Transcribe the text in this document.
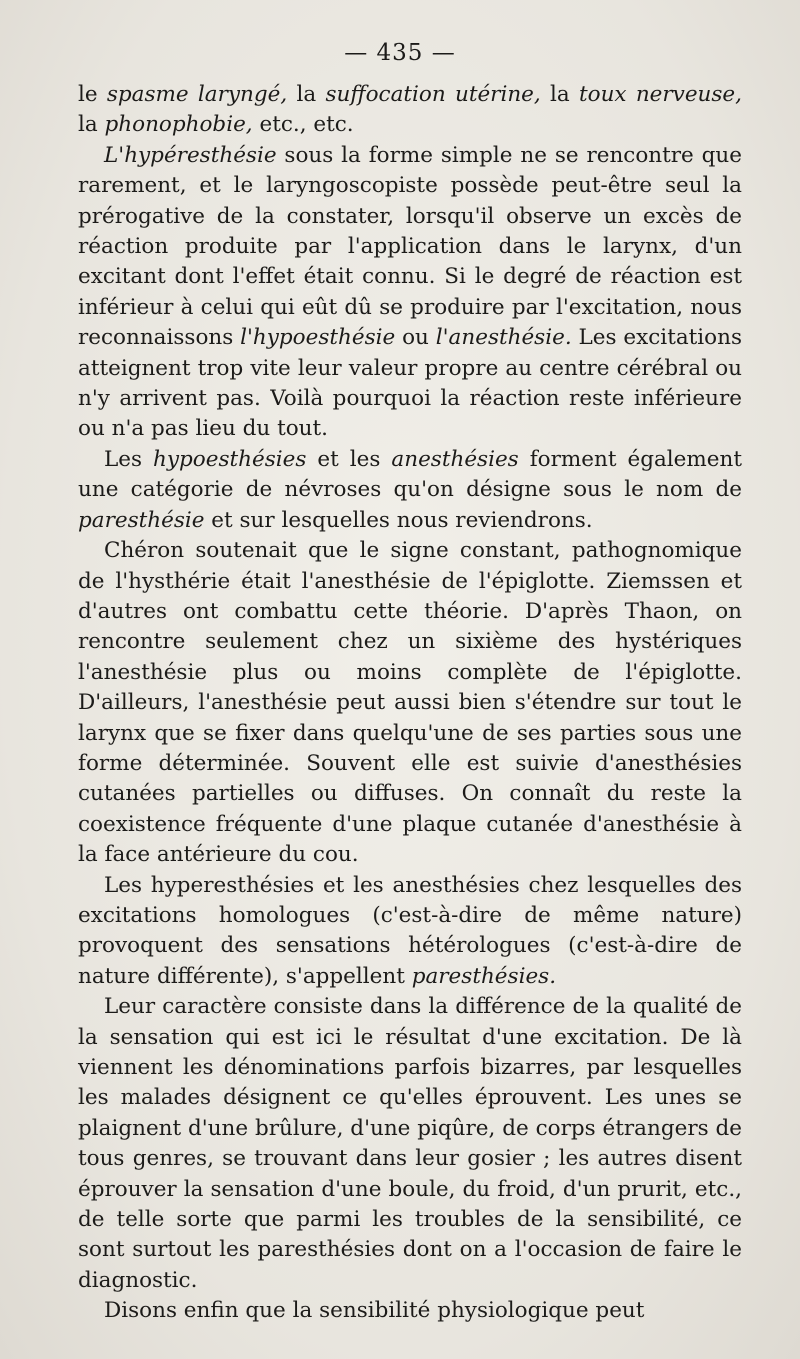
— 435 —

le spasme laryngé, la suffocation utérine, la toux nerveuse, la phonophobie, etc., etc.

L'hypéresthésie sous la forme simple ne se rencontre que rarement, et le laryngoscopiste possède peut-être seul la prérogative de la constater, lorsqu'il observe un excès de réaction produite par l'application dans le larynx, d'un excitant dont l'effet était connu. Si le degré de réaction est inférieur à celui qui eût dû se produire par l'excitation, nous reconnaissons l'hypoesthésie ou l'anesthésie. Les excitations atteignent trop vite leur valeur propre au centre cérébral ou n'y arrivent pas. Voilà pourquoi la réaction reste inférieure ou n'a pas lieu du tout.

Les hypoesthésies et les anesthésies forment également une catégorie de névroses qu'on désigne sous le nom de paresthésie et sur lesquelles nous reviendrons.

Chéron soutenait que le signe constant, pathognomique de l'hysthérie était l'anesthésie de l'épiglotte. Ziemssen et d'autres ont combattu cette théorie. D'après Thaon, on rencontre seulement chez un sixième des hystériques l'anesthésie plus ou moins complète de l'épiglotte. D'ailleurs, l'anesthésie peut aussi bien s'étendre sur tout le larynx que se fixer dans quelqu'une de ses parties sous une forme déterminée. Souvent elle est suivie d'anesthésies cutanées partielles ou diffuses. On connaît du reste la coexistence fréquente d'une plaque cutanée d'anesthésie à la face antérieure du cou.

Les hyperesthésies et les anesthésies chez lesquelles des excitations homologues (c'est-à-dire de même nature) provoquent des sensations hétérologues (c'est-à-dire de nature différente), s'appellent paresthésies.

Leur caractère consiste dans la différence de la qualité de la sensation qui est ici le résultat d'une excitation. De là viennent les dénominations parfois bizarres, par lesquelles les malades désignent ce qu'elles éprouvent. Les unes se plaignent d'une brûlure, d'une piqûre, de corps étrangers de tous genres, se trouvant dans leur gosier ; les autres disent éprouver la sensation d'une boule, du froid, d'un prurit, etc., de telle sorte que parmi les troubles de la sensibilité, ce sont surtout les paresthésies dont on a l'occasion de faire le diagnostic.

Disons enfin que la sensibilité physiologique peut
